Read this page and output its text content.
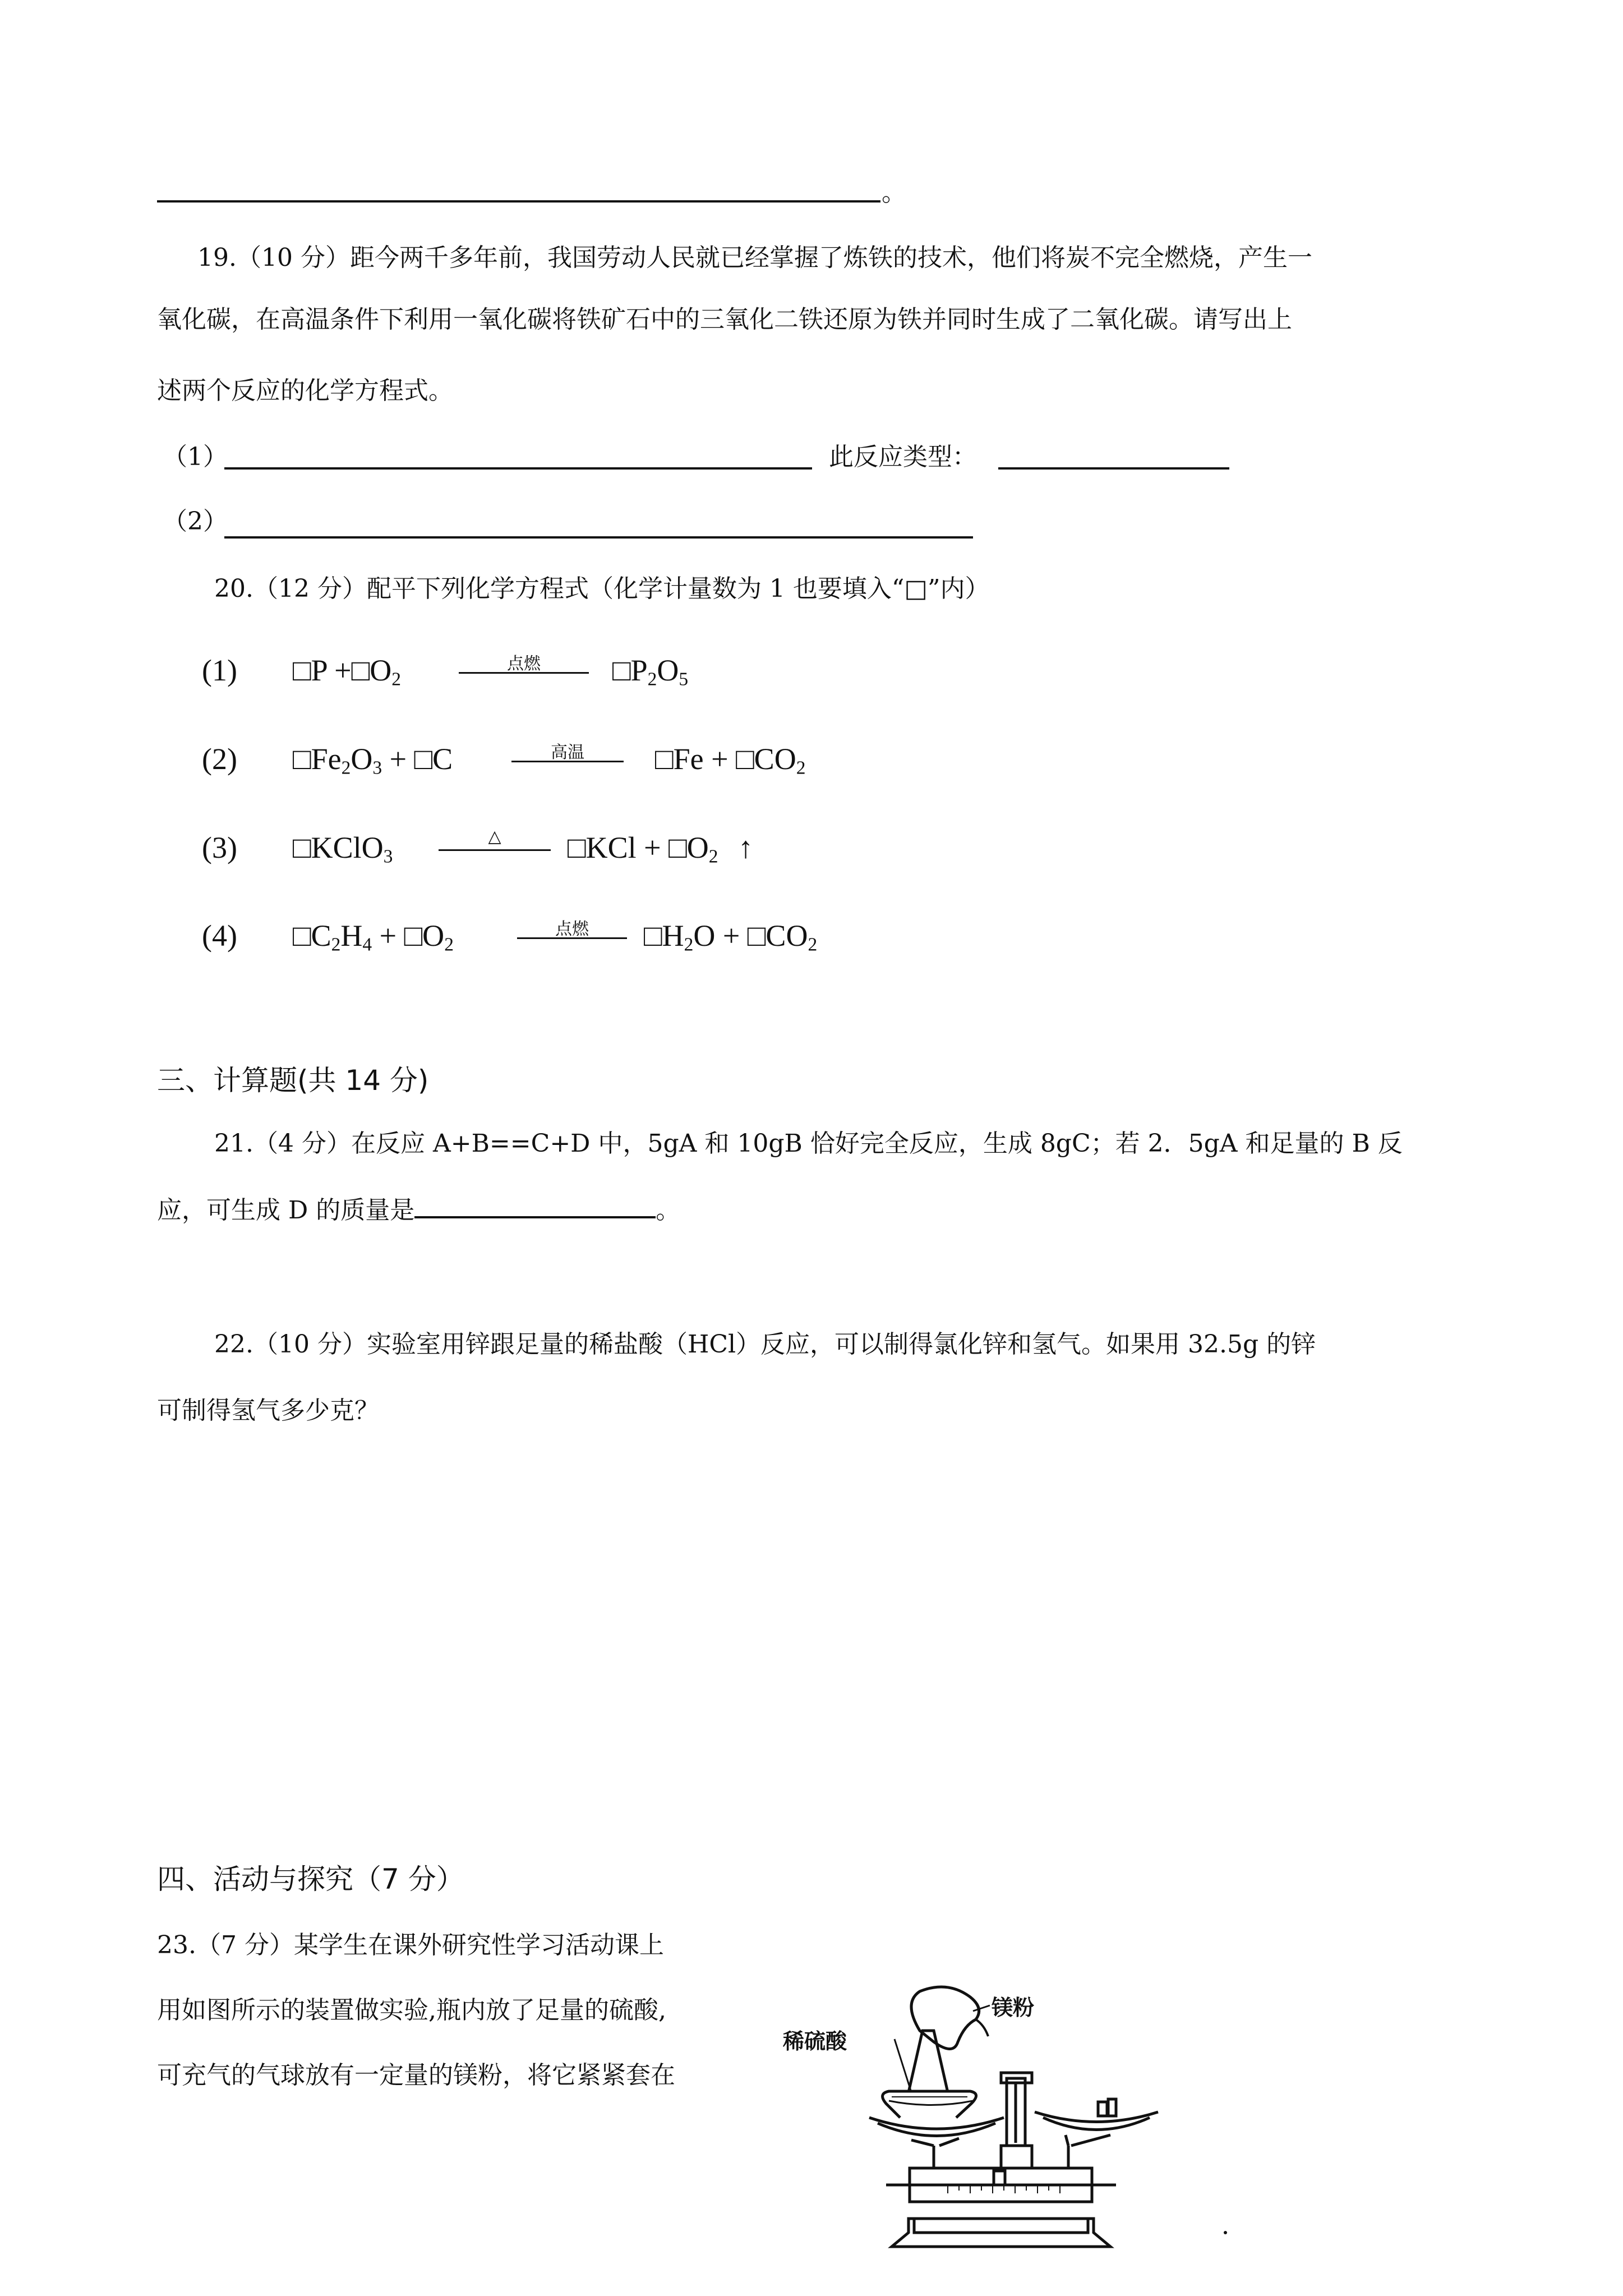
。
19.（10 分）距今两千多年前，我国劳动人民就已经掌握了炼铁的技术，他们将炭不完全燃烧，产生一
氧化碳，在高温条件下利用一氧化碳将铁矿石中的三氧化二铁还原为铁并同时生成了二氧化碳。请写出上
述两个反应的化学方程式。
（1）	此反应类型：
（2）
20.（12 分）配平下列化学方程式（化学计量数为 1 也要填入“□”内）
(1) □P $+□O_2$
点燃	$□P_2O_5$
(2) $□Fe_2O_3$ + □C	高温	□Fe + $□CO_2$
(3) □KClO$_3$
△	□KCl + $□O_2$ ↑
(4) $□C_2H_4$ + $□O_2$
点燃	$□H_2O$ + $□CO_2$
三、计算题(共 14 分)
21.（4 分）在反应 A+B==C+D 中，5gA 和 10gB 恰好完全反应，生成 8gC；若 2．5gA 和足量的 B 反
应，可生成 D 的质量是	。
22.（10 分）实验室用锌跟足量的稀盐酸（HCl）反应，可以制得氯化锌和氢气。如果用 32.5g 的锌
可制得氢气多少克？
四、活动与探究（7 分）
23.（7 分）某学生在课外研究性学习活动课上
用如图所示的装置做实验,瓶内放了足量的硫酸,
可充气的气球放有一定量的镁粉，将它紧紧套在
镁粉
稀硫酸
